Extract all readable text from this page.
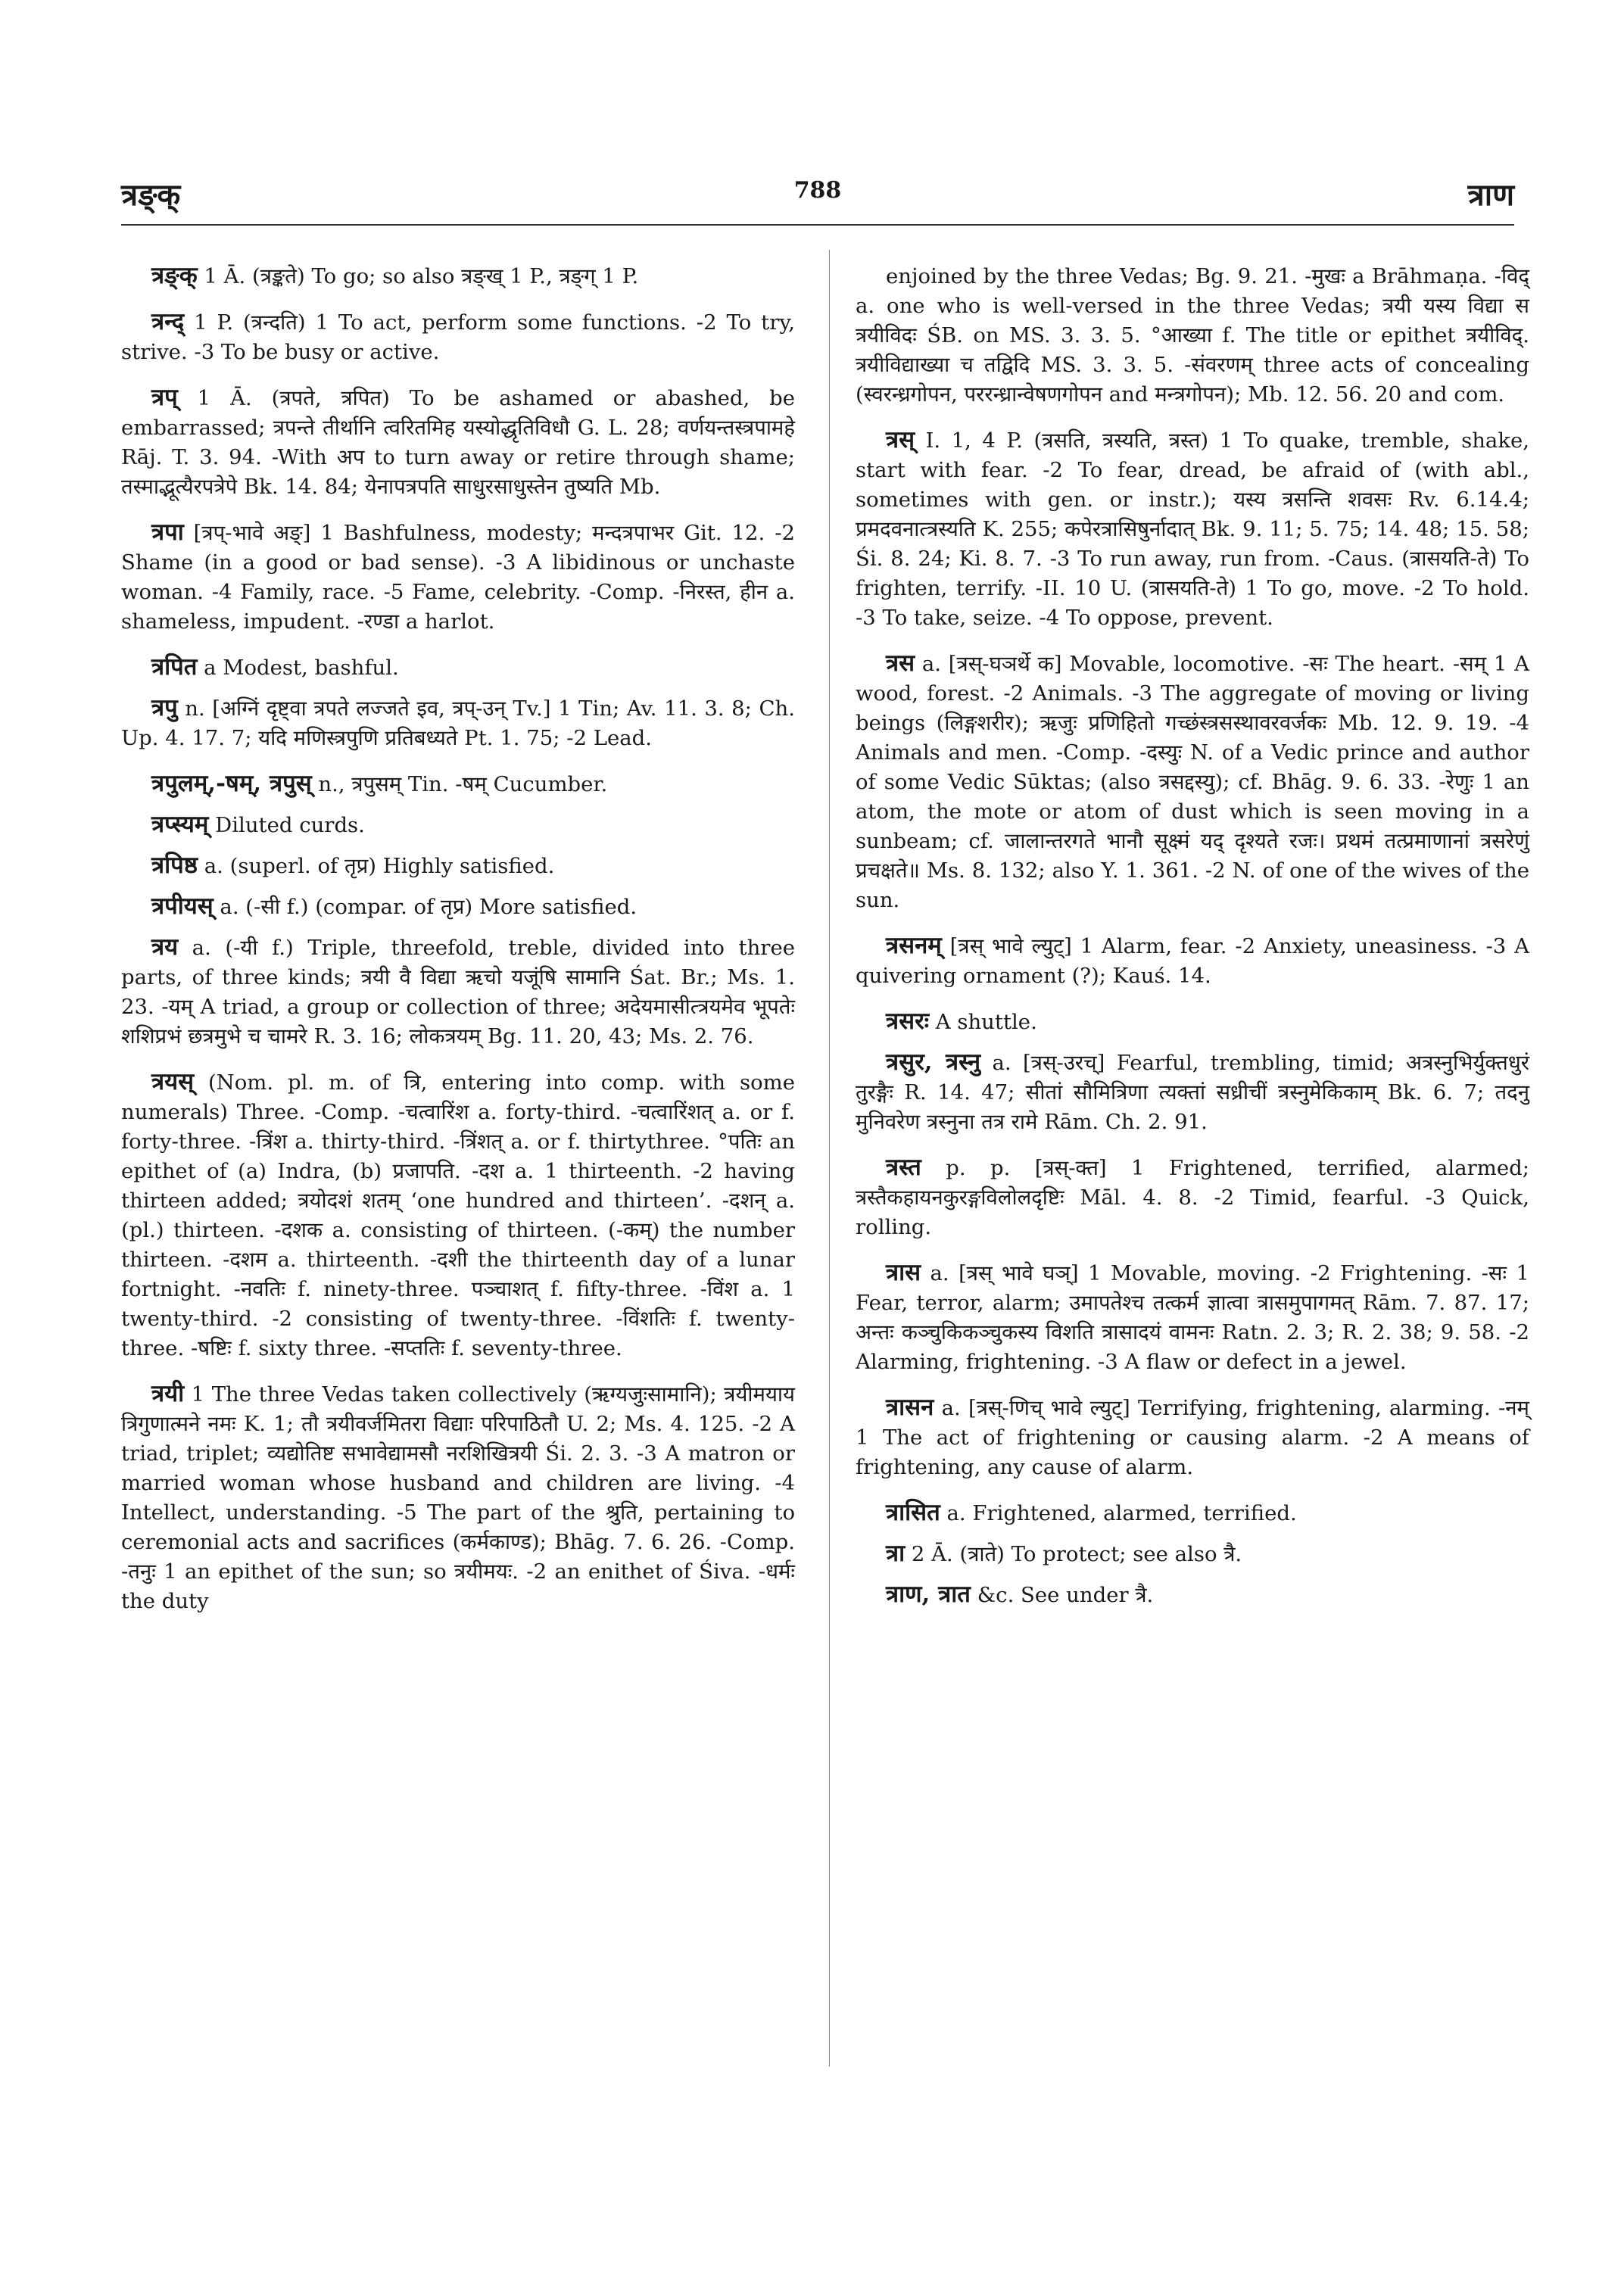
त्रङ्क्	788	त्राण

त्रङ्क् 1 Ā. (त्रङ्कते) To go; so also त्रङ्ख् 1 P., त्रङ्ग् 1 P.

त्रन्द् 1 P. (त्रन्दति) 1 To act, perform some functions. -2 To try, strive. -3 To be busy or active.

त्रप् 1 Ā. (त्रपते, त्रपित) To be ashamed or abashed, be embarrassed; त्रपन्ते तीर्थानि त्वरितमिह यस्योद्धृतिविधौ G. L. 28; वर्णयन्तस्त्रपामहे Rāj. T. 3. 94. -With अप to turn away or retire through shame; तस्माद्भूत्यैरपत्रेपे Bk. 14. 84; येनापत्रपति साधुरसाधुस्तेन तुष्यति Mb.

त्रपा [त्रप्-भावे अङ्] 1 Bashfulness, modesty; मन्दत्रपाभर Git. 12. -2 Shame (in a good or bad sense). -3 A libidinous or unchaste woman. -4 Family, race. -5 Fame, celebrity. -Comp. -निरस्त, हीन a. shameless, impudent. -रण्डा a harlot.

त्रपित a Modest, bashful.

त्रपु n. [अग्निं दृष्ट्वा त्रपते लज्जते इव, त्रप्-उन् Tv.] 1 Tin; Av. 11. 3. 8; Ch. Up. 4. 17. 7; यदि मणिस्त्रपुणि प्रतिबध्यते Pt. 1. 75; -2 Lead.

त्रपुलम्,-षम्, त्रपुस् n., त्रपुसम् Tin. -षम् Cucumber.

त्रप्स्यम् Diluted curds.

त्रपिष्ठ a. (superl. of तृप्र) Highly satisfied.

त्रपीयस् a. (-सी f.) (compar. of तृप्र) More satisfied.

त्रय a. (-यी f.) Triple, threefold, treble, divided into three parts, of three kinds; त्रयी वै विद्या ऋचो यजूंषि सामानि Śat. Br.; Ms. 1. 23. -यम् A triad, a group or collection of three; अदेयमासीत्त्रयमेव भूपतेः शशिप्रभं छत्रमुभे च चामरे R. 3. 16; लोकत्रयम् Bg. 11. 20, 43; Ms. 2. 76.

त्रयस् (Nom. pl. m. of त्रि, entering into comp. with some numerals) Three. -Comp. -चत्वारिंश a. forty-third. -चत्वारिंशत् a. or f. forty-three. -त्रिंश a. thirty-third. -त्रिंशत् a. or f. thirtythree. °पतिः an epithet of (a) Indra, (b) प्रजापति. -दश a. 1 thirteenth. -2 having thirteen added; त्रयोदशं शतम् ‘one hundred and thirteen’. -दशन् a. (pl.) thirteen. -दशक a. consisting of thirteen. (-कम्) the number thirteen. -दशम a. thirteenth. -दशी the thirteenth day of a lunar fortnight. -नवतिः f. ninety-three. पञ्चाशत् f. fifty-three. -विंश a. 1 twenty-third. -2 consisting of twenty-three. -विंशतिः f. twenty-three. -षष्टिः f. sixty three. -सप्ततिः f. seventy-three.

त्रयी 1 The three Vedas taken collectively (ऋग्यजुःसामानि); त्रयीमयाय त्रिगुणात्मने नमः K. 1; तौ त्रयीवर्जमितरा विद्याः परिपाठितौ U. 2; Ms. 4. 125. -2 A triad, triplet; व्यद्योतिष्ट सभावेद्यामसौ नरशिखित्रयी Śi. 2. 3. -3 A matron or married woman whose husband and children are living. -4 Intellect, understanding. -5 The part of the श्रुति, pertaining to ceremonial acts and sacrifices (कर्मकाण्ड); Bhāg. 7. 6. 26. -Comp. -तनुः 1 an epithet of the sun; so त्रयीमयः. -2 an enithet of Śiva. -धर्मः the duty

enjoined by the three Vedas; Bg. 9. 21. -मुखः a Brāhmaṇa. -विद् a. one who is well-versed in the three Vedas; त्रयी यस्य विद्या स त्रयीविदः ŚB. on MS. 3. 3. 5. °आख्या f. The title or epithet त्रयीविद्. त्रयीविद्याख्या च तद्विदि MS. 3. 3. 5. -संवरणम् three acts of concealing (स्वरन्ध्रगोपन, पररन्ध्रान्वेषणगोपन and मन्त्रगोपन); Mb. 12. 56. 20 and com.

त्रस् I. 1, 4 P. (त्रसति, त्रस्यति, त्रस्त) 1 To quake, tremble, shake, start with fear. -2 To fear, dread, be afraid of (with abl., sometimes with gen. or instr.); यस्य त्रसन्ति शवसः Rv. 6.14.4; प्रमदवनात्त्रस्यति K. 255; कपेरत्रासिषुर्नादात् Bk. 9. 11; 5. 75; 14. 48; 15. 58; Śi. 8. 24; Ki. 8. 7. -3 To run away, run from. -Caus. (त्रासयति-ते) To frighten, terrify. -II. 10 U. (त्रासयति-ते) 1 To go, move. -2 To hold. -3 To take, seize. -4 To oppose, prevent.

त्रस a. [त्रस्-घञर्थे क] Movable, locomotive. -सः The heart. -सम् 1 A wood, forest. -2 Animals. -3 The aggregate of moving or living beings (लिङ्गशरीर); ऋजुः प्रणिहितो गच्छंस्त्रसस्थावरवर्जकः Mb. 12. 9. 19. -4 Animals and men. -Comp. -दस्युः N. of a Vedic prince and author of some Vedic Sūktas; (also त्रसद्दस्यु); cf. Bhāg. 9. 6. 33. -रेणुः 1 an atom, the mote or atom of dust which is seen moving in a sunbeam; cf. जालान्तरगते भानौ सूक्ष्मं यद् दृश्यते रजः। प्रथमं तत्प्रमाणानां त्रसरेणुं प्रचक्षते॥ Ms. 8. 132; also Y. 1. 361. -2 N. of one of the wives of the sun.

त्रसनम् [त्रस् भावे ल्युट्] 1 Alarm, fear. -2 Anxiety, uneasiness. -3 A quivering ornament (?); Kauś. 14.

त्रसरः A shuttle.

त्रसुर, त्रस्नु a. [त्रस्-उरच्] Fearful, trembling, timid; अत्रस्नुभिर्युक्तधुरं तुरङ्गैः R. 14. 47; सीतां सौमित्रिणा त्यक्तां सध्रीचीं त्रस्नुमेकिकाम् Bk. 6. 7; तदनु मुनिवरेण त्रस्नुना तत्र रामे Rām. Ch. 2. 91.

त्रस्त p. p. [त्रस्-क्त] 1 Frightened, terrified, alarmed; त्रस्तैकहायनकुरङ्गविलोलदृष्टिः Māl. 4. 8. -2 Timid, fearful. -3 Quick, rolling.

त्रास a. [त्रस् भावे घञ्] 1 Movable, moving. -2 Frightening. -सः 1 Fear, terror, alarm; उमापतेश्च तत्कर्म ज्ञात्वा त्रासमुपागमत् Rām. 7. 87. 17; अन्तः कञ्चुकिकञ्चुकस्य विशति त्रासादयं वामनः Ratn. 2. 3; R. 2. 38; 9. 58. -2 Alarming, frightening. -3 A flaw or defect in a jewel.

त्रासन a. [त्रस्-णिच् भावे ल्युट्] Terrifying, frightening, alarming. -नम् 1 The act of frightening or causing alarm. -2 A means of frightening, any cause of alarm.

त्रासित a. Frightened, alarmed, terrified.

त्रा 2 Ā. (त्राते) To protect; see also त्रै.

त्राण, त्रात &c. See under त्रै.
